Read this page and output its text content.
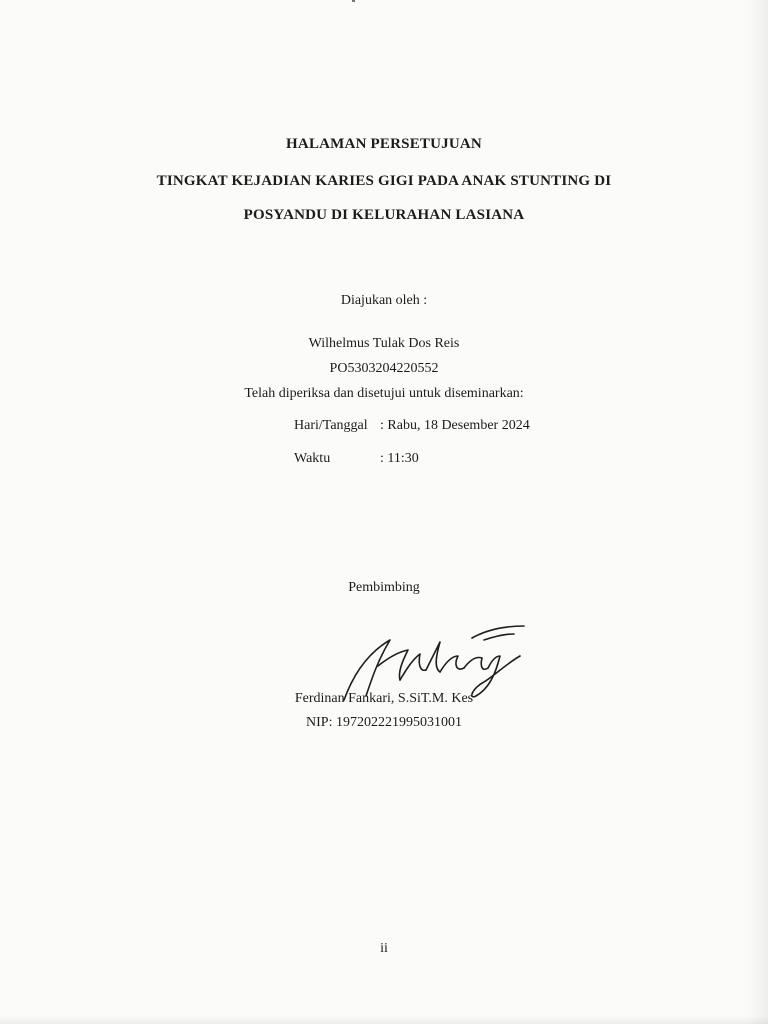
HALAMAN PERSETUJUAN
TINGKAT KEJADIAN KARIES GIGI PADA ANAK STUNTING DI
POSYANDU DI KELURAHAN LASIANA
Diajukan oleh :
Wilhelmus Tulak Dos Reis
PO5303204220552
Telah diperiksa dan disetujui untuk diseminarkan:
Hari/Tanggal : Rabu, 18 Desember 2024
Waktu	: 11:30
Pembimbing
Ferdinan Fankari, S.SiT.M. Kes
NIP: 197202221995031001
ii
